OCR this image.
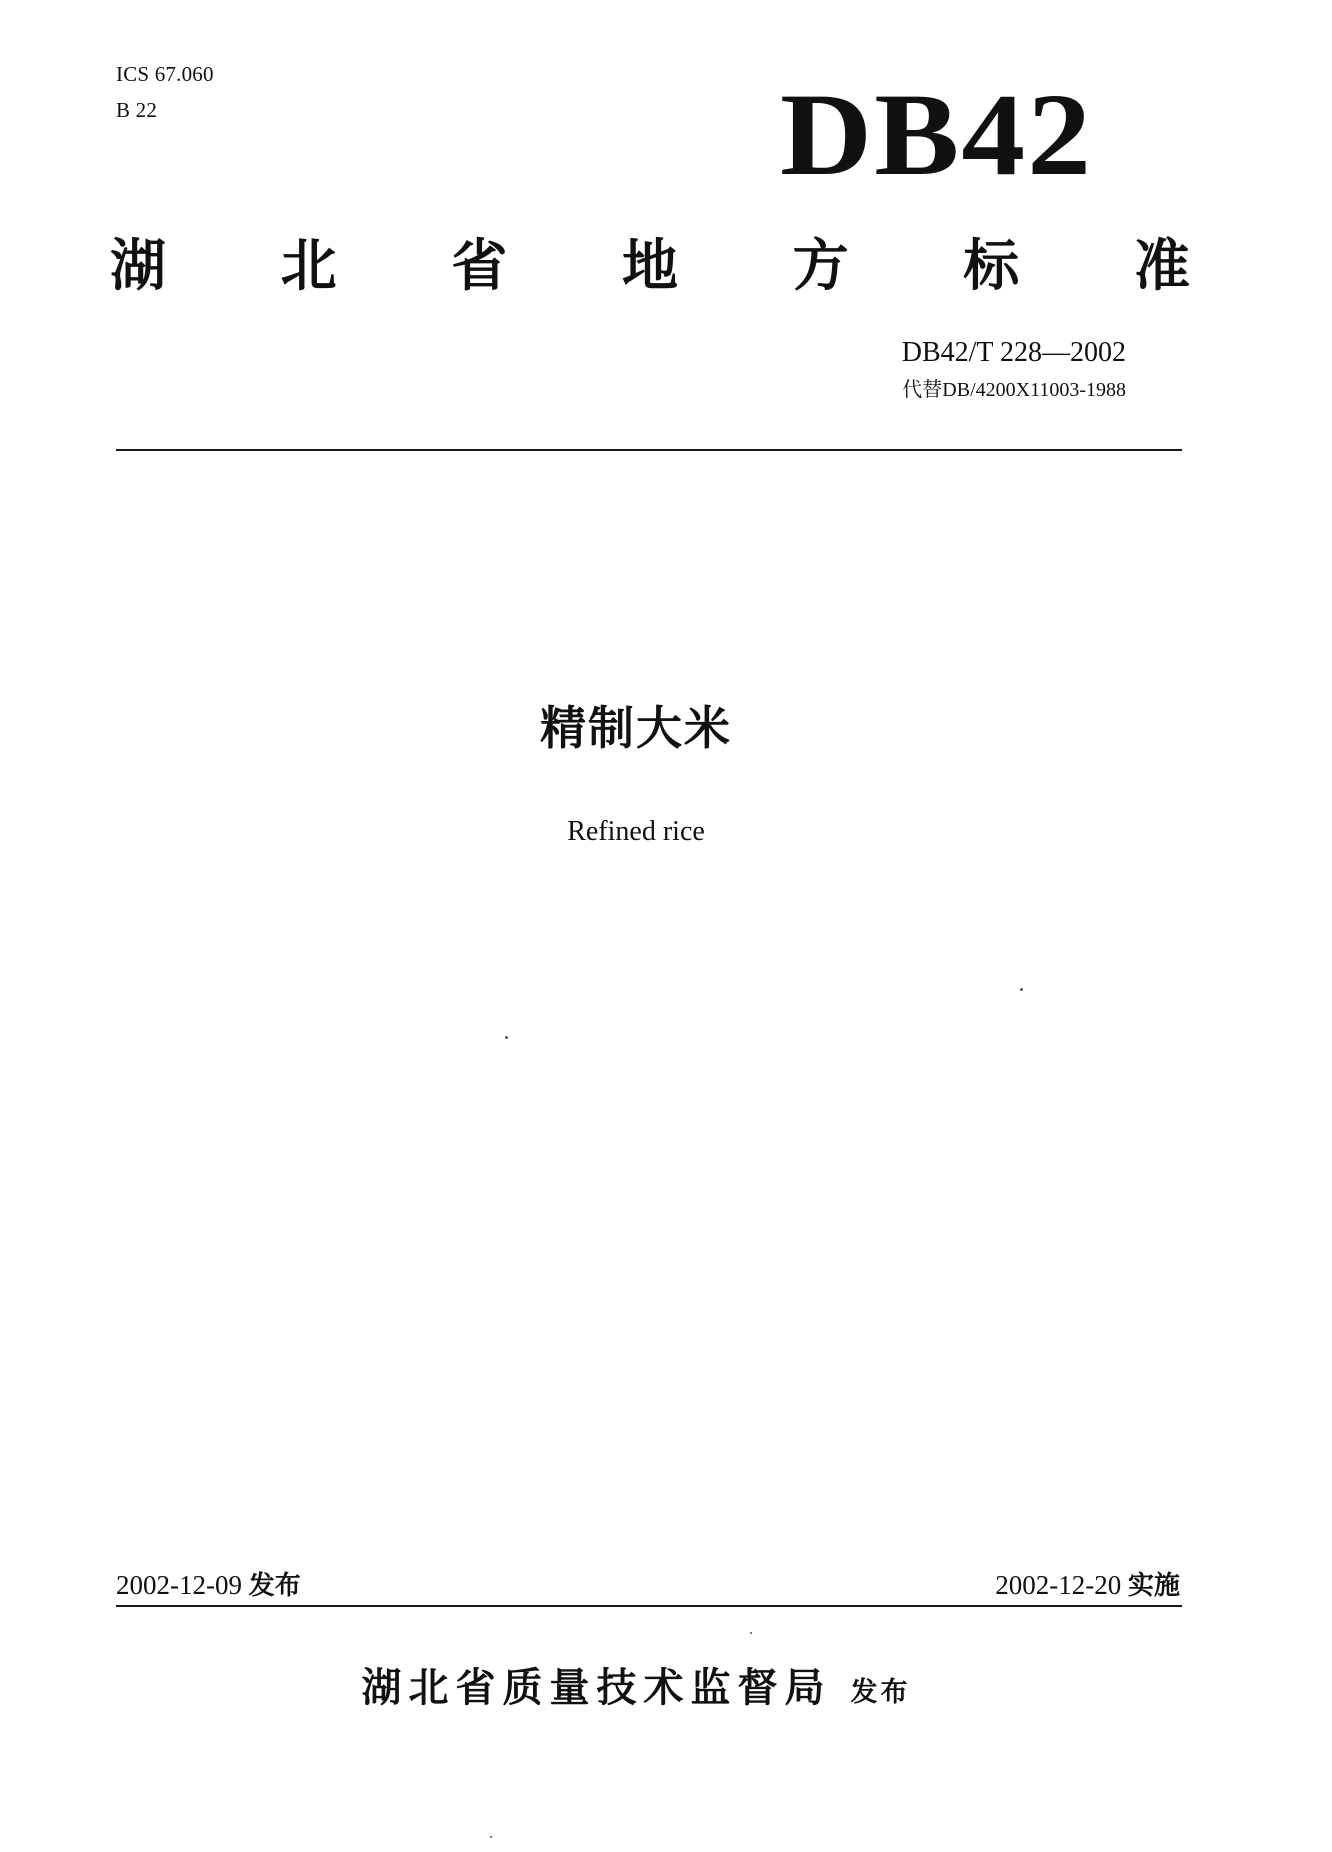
ICS 67.060
B 22	DB42
湖 北 省 地 方 标 准
DB42/T 228—2002
代替DB/4200X11003-1988
精制大米
Refined rice
2002-12-09 发布	2002-12-20 实施
湖北省质量技术监督局 发布
